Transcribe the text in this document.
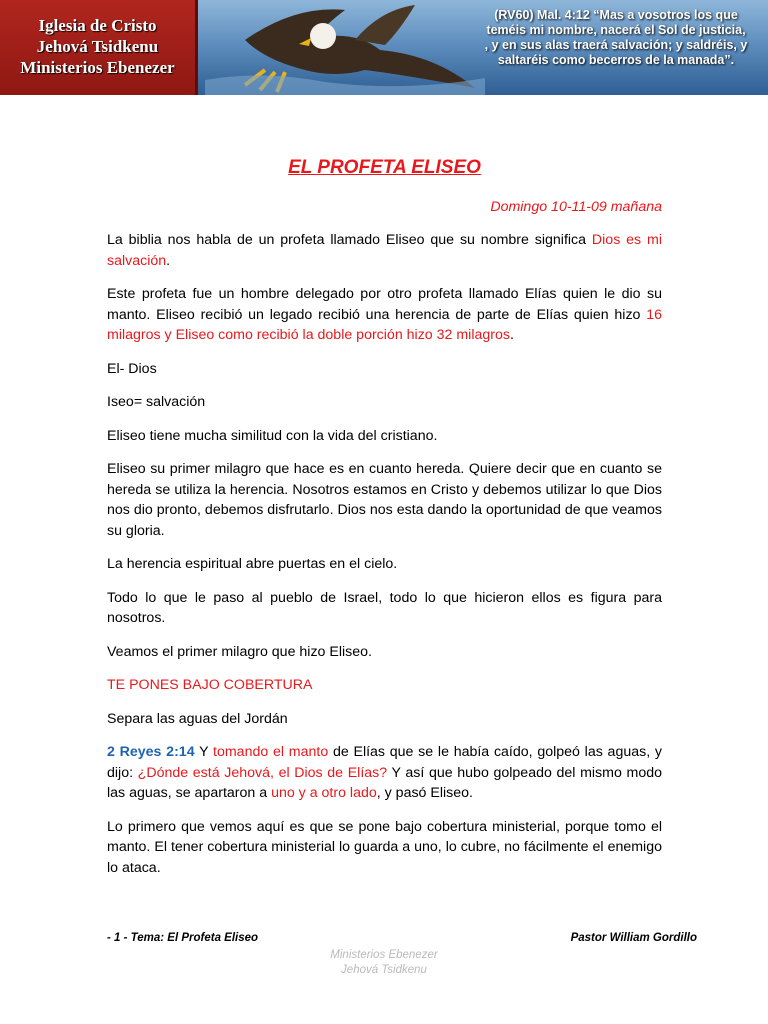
Iglesia de Cristo
Jehová Tsidkenu
Ministerios Ebenezer
(RV60) Mal. 4:12 “Mas a vosotros los que
teméis mi nombre, nacerá el Sol de justicia,
, y en sus alas traerá salvación; y saldréis, y
saltaréis como becerros de la manada”.
EL PROFETA ELISEO
Domingo 10-11-09 mañana

La biblia nos habla de un profeta llamado Eliseo que su nombre significa Dios es mi salvación.

Este profeta fue un hombre delegado por otro profeta llamado Elías quien le dio su manto. Eliseo recibió un legado recibió una herencia de parte de Elías quien hizo 16 milagros y Eliseo como recibió la doble porción hizo 32 milagros.

El- Dios

Iseo= salvación

Eliseo tiene mucha similitud con la vida del cristiano.

Eliseo su primer milagro que hace es en cuanto hereda. Quiere decir que en cuanto se hereda se utiliza la herencia. Nosotros estamos en Cristo y debemos utilizar lo que Dios nos dio pronto, debemos disfrutarlo. Dios nos esta dando la oportunidad de que veamos su gloria.

La herencia espiritual abre puertas en el cielo.

Todo lo que le paso al pueblo de Israel, todo lo que hicieron ellos es figura para nosotros.

Veamos el primer milagro que hizo Eliseo.

TE PONES BAJO COBERTURA

Separa las aguas del Jordán

2 Reyes 2:14 Y tomando el manto de Elías que se le había caído, golpeó las aguas, y dijo: ¿Dónde está Jehová, el Dios de Elías? Y así que hubo golpeado del mismo modo las aguas, se apartaron a uno y a otro lado, y pasó Eliseo.

Lo primero que vemos aquí es que se pone bajo cobertura ministerial, porque tomo el manto. El tener cobertura ministerial lo guarda a uno, lo cubre, no fácilmente el enemigo lo ataca.

- 1 - Tema: El Profeta Eliseo	Pastor William Gordillo
Ministerios Ebenezer
Jehová Tsidkenu
